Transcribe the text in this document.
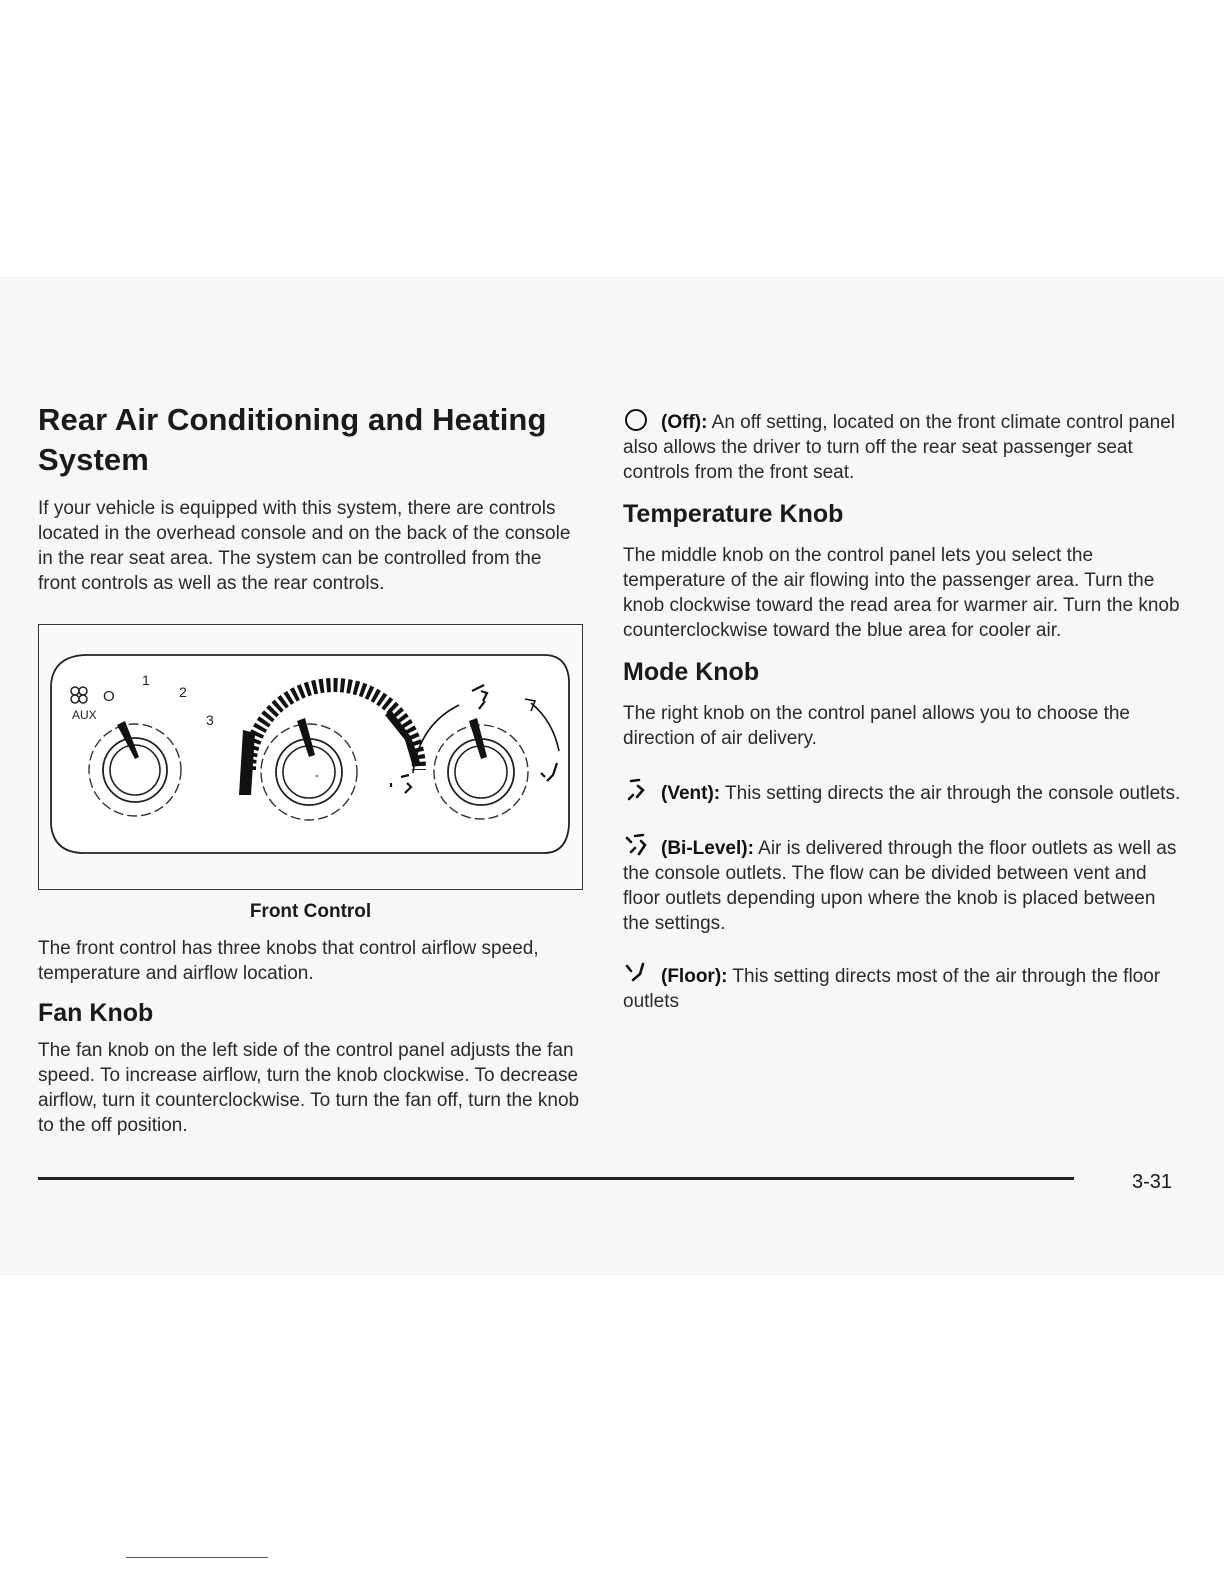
Rear Air Conditioning and Heating System

If your vehicle is equipped with this system, there are controls located in the overhead console and on the back of the console in the rear seat area. The system can be controlled from the front controls as well as the rear controls.

AUX
O
1
2
3
Front Control

The front control has three knobs that control airflow speed, temperature and airflow location.

Fan Knob

The fan knob on the left side of the control panel adjusts the fan speed. To increase airflow, turn the knob clockwise. To decrease airflow, turn it counterclockwise. To turn the fan off, turn the knob to the off position.

(Off): An off setting, located on the front climate control panel also allows the driver to turn off the rear seat passenger seat controls from the front seat.

Temperature Knob

The middle knob on the control panel lets you select the temperature of the air flowing into the passenger area. Turn the knob clockwise toward the read area for warmer air. Turn the knob counterclockwise toward the blue area for cooler air.

Mode Knob

The right knob on the control panel allows you to choose the direction of air delivery.

(Vent): This setting directs the air through the console outlets.

(Bi-Level): Air is delivered through the floor outlets as well as the console outlets. The flow can be divided between vent and floor outlets depending upon where the knob is placed between the settings.

(Floor): This setting directs most of the air through the floor outlets

3-31
